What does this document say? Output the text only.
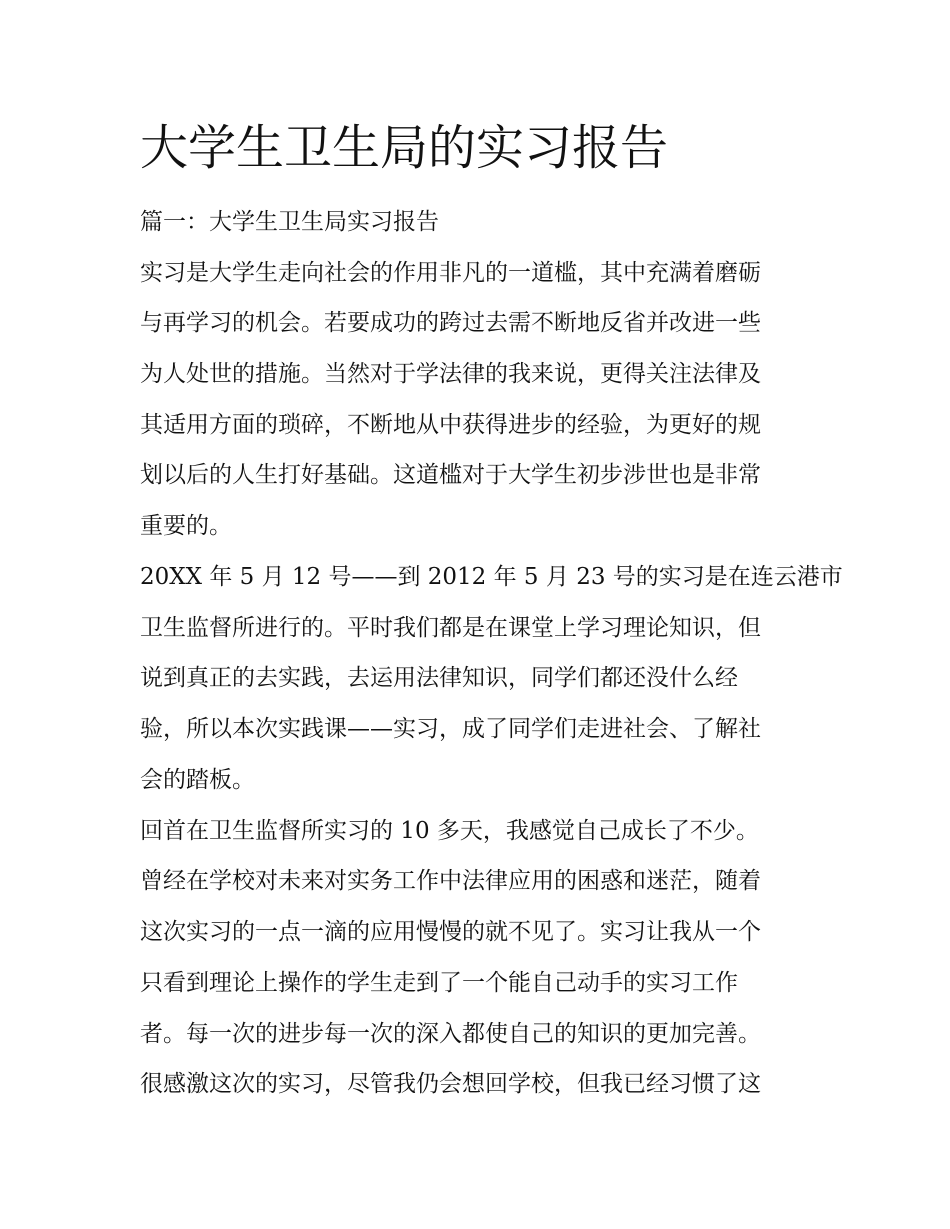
大学生卫生局的实习报告

篇一：大学生卫生局实习报告

实习是大学生走向社会的作用非凡的一道槛，其中充满着磨砺

与再学习的机会。若要成功的跨过去需不断地反省并改进一些

为人处世的措施。当然对于学法律的我来说，更得关注法律及

其适用方面的琐碎，不断地从中获得进步的经验，为更好的规

划以后的人生打好基础。这道槛对于大学生初步涉世也是非常

重要的。

20XX 年 5 月 12 号——到 2012 年 5 月 23 号的实习是在连云港市

卫生监督所进行的。平时我们都是在课堂上学习理论知识，但

说到真正的去实践，去运用法律知识，同学们都还没什么经

验，所以本次实践课——实习，成了同学们走进社会、了解社

会的踏板。

回首在卫生监督所实习的 10 多天，我感觉自己成长了不少。

曾经在学校对未来对实务工作中法律应用的困惑和迷茫，随着

这次实习的一点一滴的应用慢慢的就不见了。实习让我从一个

只看到理论上操作的学生走到了一个能自己动手的实习工作

者。每一次的进步每一次的深入都使自己的知识的更加完善。

很感激这次的实习，尽管我仍会想回学校，但我已经习惯了这
